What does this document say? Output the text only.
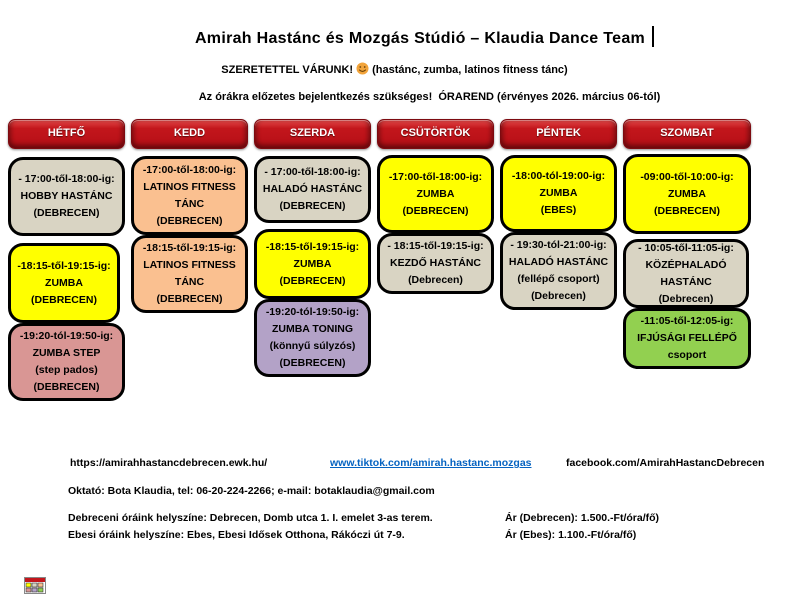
Amirah Hastánc és Mozgás Stúdió – Klaudia Dance Team
SZERETETTEL VÁRUNK! (hastánc, zumba, latinos fitness tánc)
Az órákra előzetes bejelentkezés szükséges!  ÓRAREND (érvényes 2026. március 06-tól)
HÉTFŐ
- 17:00-től-18:00-ig:
HOBBY HASTÁNC
(DEBRECEN)
-18:15-től-19:15-ig:
ZUMBA
(DEBRECEN)
-19:20-tól-19:50-ig:
ZUMBA STEP
(step pados)
(DEBRECEN)
KEDD
-17:00-től-18:00-ig:
LATINOS FITNESS
TÁNC
(DEBRECEN)
-18:15-től-19:15-ig:
LATINOS FITNESS
TÁNC
(DEBRECEN)
SZERDA
- 17:00-től-18:00-ig:
HALADÓ HASTÁNC
(DEBRECEN)
-18:15-től-19:15-ig:
ZUMBA
(DEBRECEN)
-19:20-tól-19:50-ig:
ZUMBA TONING
(könnyű súlyzós)
(DEBRECEN)
CSÜTÖRTÖK
-17:00-től-18:00-ig:
ZUMBA
(DEBRECEN)
- 18:15-től-19:15-ig:
KEZDŐ HASTÁNC
(Debrecen)
PÉNTEK
-18:00-tól-19:00-ig:
ZUMBA
(EBES)
- 19:30-tól-21:00-ig:
HALADÓ HASTÁNC
(fellépő csoport)
(Debrecen)
SZOMBAT
-09:00-től-10:00-ig:
ZUMBA
(DEBRECEN)
- 10:05-től-11:05-ig:
KÖZÉPHALADÓ
HASTÁNC
(Debrecen)
-11:05-től-12:05-ig:
IFJÚSÁGI FELLÉPŐ
csoport
https://amirahhastancdebrecen.ewk.hu/	www.tiktok.com/amirah.hastanc.mozgas	facebook.com/AmirahHastancDebrecen
Oktató: Bota Klaudia, tel: 06-20-224-2266; e-mail: botaklaudia@gmail.com
Debreceni óráink helyszíne: Debrecen, Domb utca 1. I. emelet 3-as terem.
Ebesi óráink helyszíne: Ebes, Ebesi Idősek Otthona, Rákóczi út 7-9.
Ár (Debrecen): 1.500.-Ft/óra/fő)
Ár (Ebes): 1.100.-Ft/óra/fő)
